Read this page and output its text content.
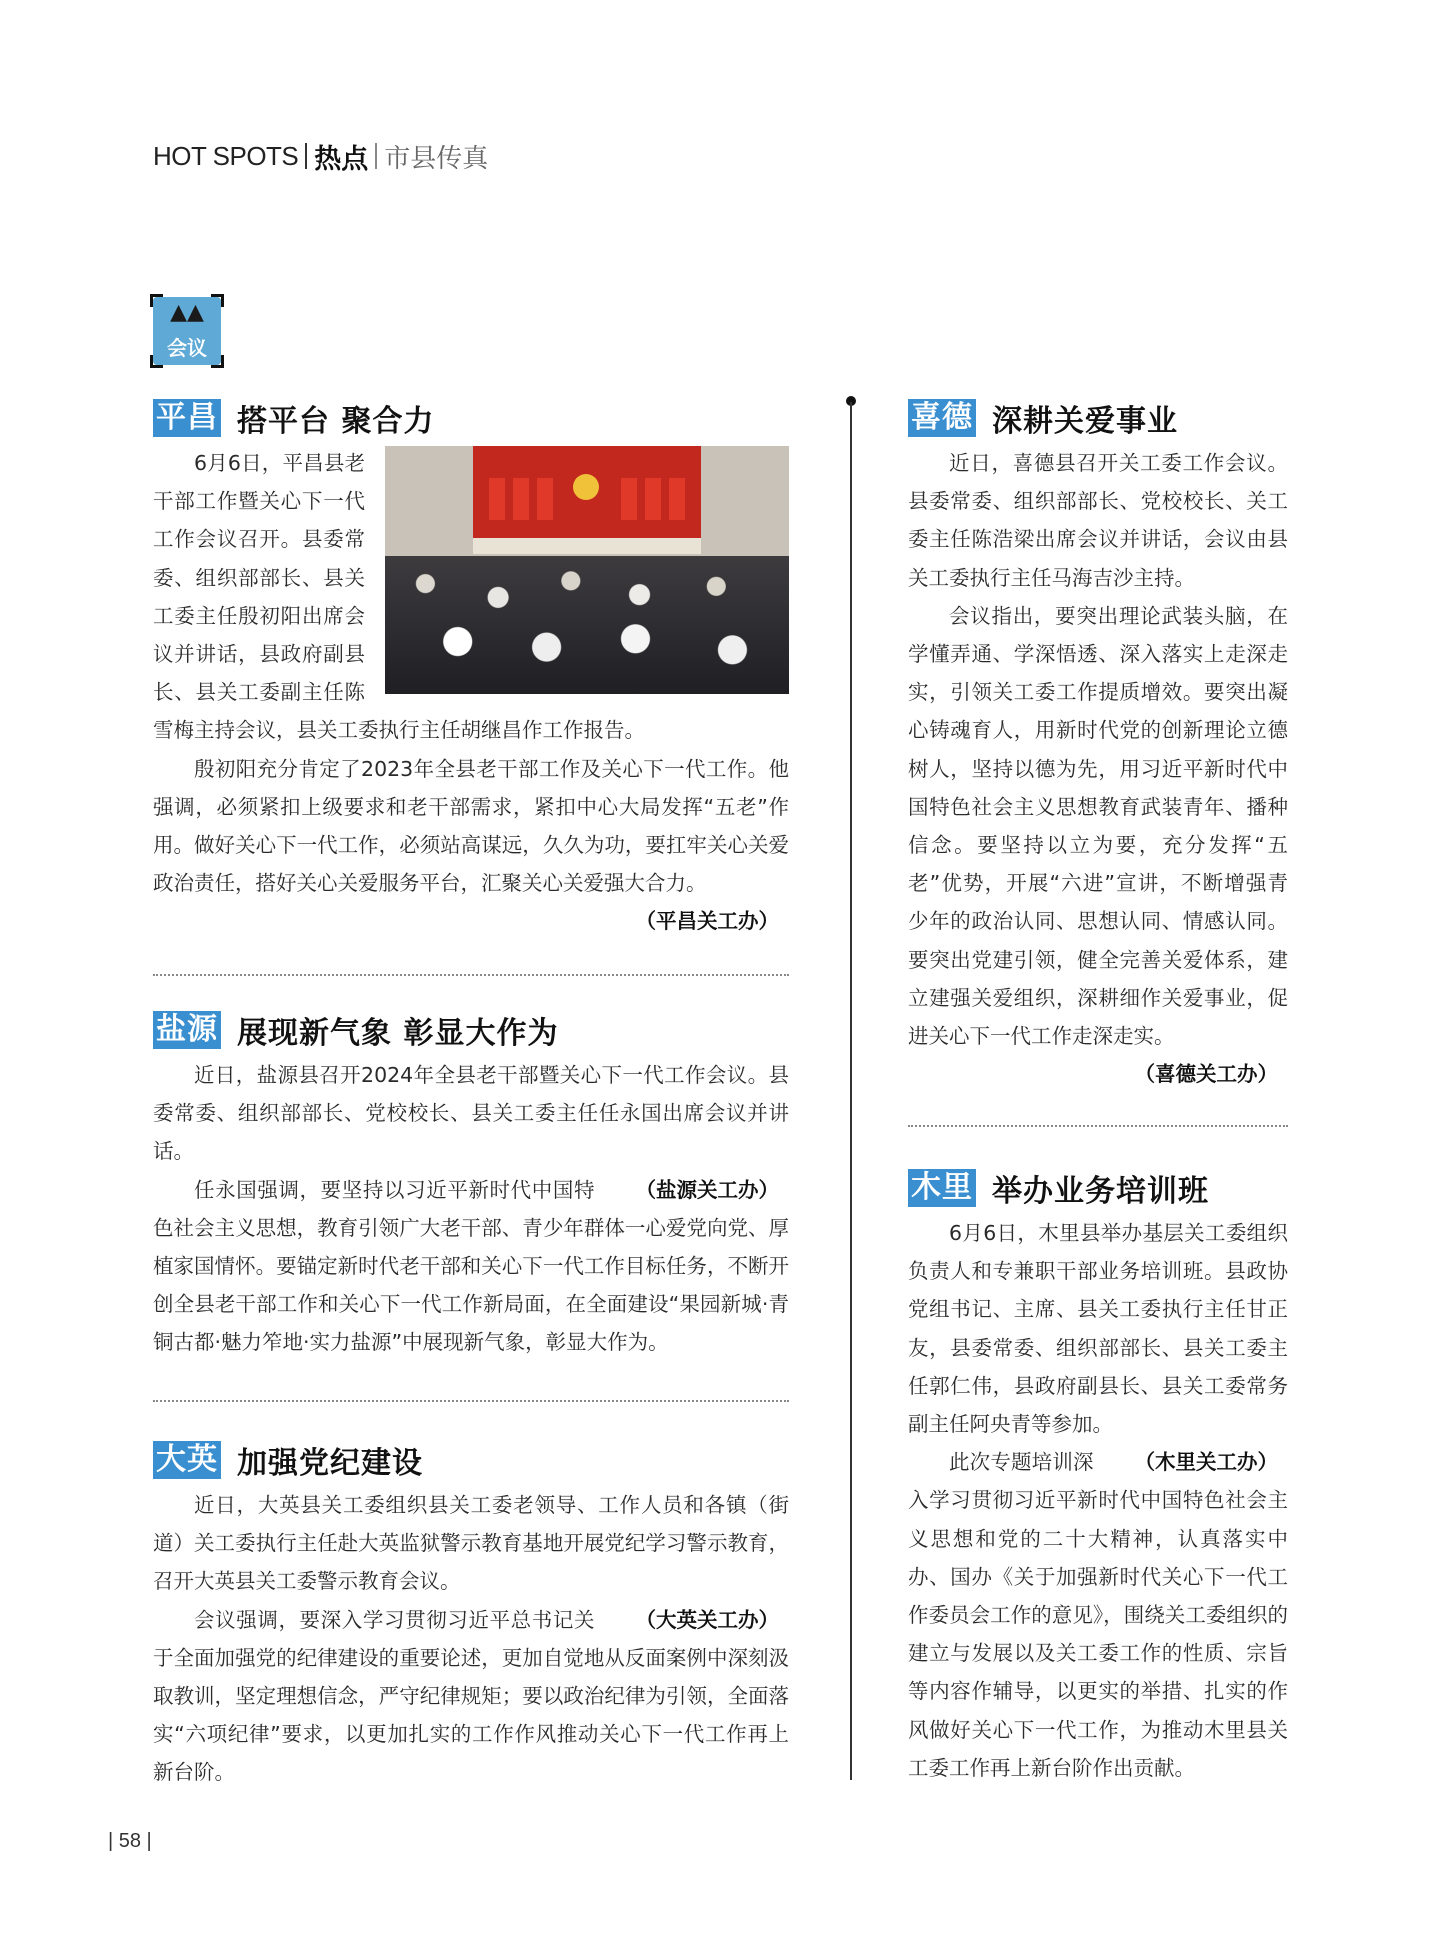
HOT SPOTS 热点 市县传真
▲▲
会议
平昌 搭平台 聚合力

6月6日，平昌县老干部工作暨关心下一代工作会议召开。县委常委、组织部部长、县关工委主任殷初阳出席会议并讲话，县政府副县长、县关工委副主任陈雪梅主持会议，县关工委执行主任胡继昌作工作报告。

殷初阳充分肯定了2023年全县老干部工作及关心下一代工作。他强调，必须紧扣上级要求和老干部需求，紧扣中心大局发挥“五老”作用。做好关心下一代工作，必须站高谋远，久久为功，要扛牢关心关爱政治责任，搭好关心关爱服务平台，汇聚关心关爱强大合力。

（平昌关工办）
盐源 展现新气象 彰显大作为

近日，盐源县召开2024年全县老干部暨关心下一代工作会议。县委常委、组织部部长、党校校长、县关工委主任任永国出席会议并讲话。

（盐源关工办）
任永国强调，要坚持以习近平新时代中国特色社会主义思想，教育引领广大老干部、青少年群体一心爱党向党、厚植家国情怀。要锚定新时代老干部和关心下一代工作目标任务，不断开创全县老干部工作和关心下一代工作新局面，在全面建设“果园新城·青铜古都·魅力笮地·实力盐源”中展现新气象，彰显大作为。

大英 加强党纪建设

近日，大英县关工委组织县关工委老领导、工作人员和各镇（街道）关工委执行主任赴大英监狱警示教育基地开展党纪学习警示教育，召开大英县关工委警示教育会议。

（大英关工办）
会议强调，要深入学习贯彻习近平总书记关于全面加强党的纪律建设的重要论述，更加自觉地从反面案例中深刻汲取教训，坚定理想信念，严守纪律规矩；要以政治纪律为引领，全面落实“六项纪律”要求，以更加扎实的工作作风推动关心下一代工作再上新台阶。

喜德 深耕关爱事业

近日，喜德县召开关工委工作会议。县委常委、组织部部长、党校校长、关工委主任陈浩梁出席会议并讲话，会议由县关工委执行主任马海吉沙主持。

会议指出，要突出理论武装头脑，在学懂弄通、学深悟透、深入落实上走深走实，引领关工委工作提质增效。要突出凝心铸魂育人，用新时代党的创新理论立德树人，坚持以德为先，用习近平新时代中国特色社会主义思想教育武装青年、播种信念。要坚持以立为要，充分发挥“五老”优势，开展“六进”宣讲，不断增强青少年的政治认同、思想认同、情感认同。要突出党建引领，健全完善关爱体系，建立建强关爱组织，深耕细作关爱事业，促进关心下一代工作走深走实。

（喜德关工办）
木里 举办业务培训班

6月6日，木里县举办基层关工委组织负责人和专兼职干部业务培训班。县政协党组书记、主席、县关工委执行主任甘正友，县委常委、组织部部长、县关工委主任郭仁伟，县政府副县长、县关工委常务副主任阿央青等参加。

（木里关工办）
此次专题培训深入学习贯彻习近平新时代中国特色社会主义思想和党的二十大精神，认真落实中办、国办《关于加强新时代关心下一代工作委员会工作的意见》，围绕关工委组织的建立与发展以及关工委工作的性质、宗旨等内容作辅导，以更实的举措、扎实的作风做好关心下一代工作，为推动木里县关工委工作再上新台阶作出贡献。

| 58 |
